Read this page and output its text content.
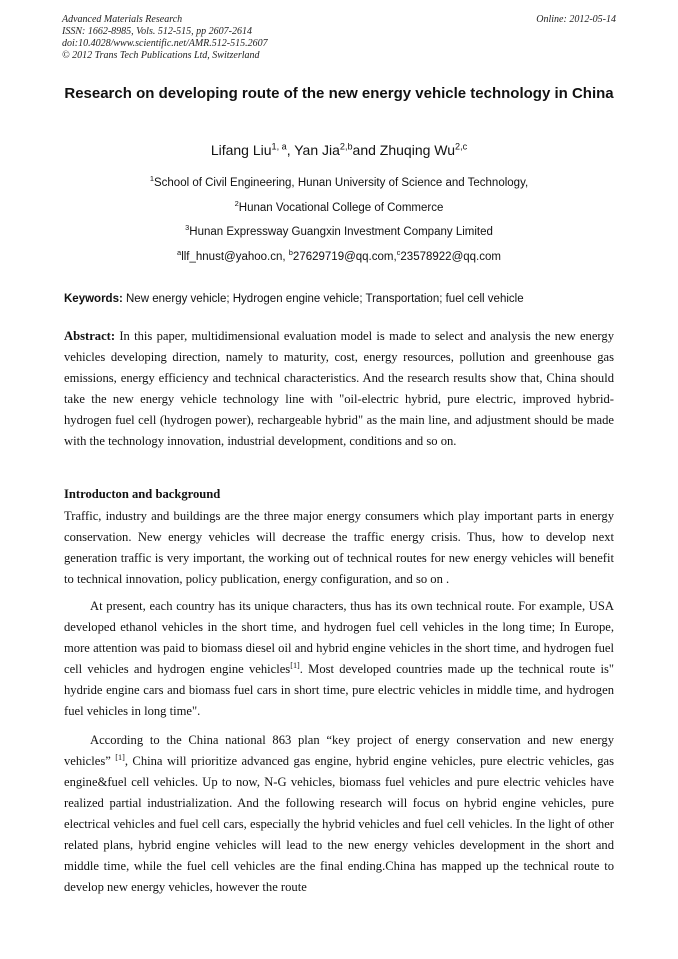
Advanced Materials Research
ISSN: 1662-8985, Vols. 512-515, pp 2607-2614
doi:10.4028/www.scientific.net/AMR.512-515.2607
© 2012 Trans Tech Publications Ltd, Switzerland
Online: 2012-05-14
Research on developing route of the new energy vehicle technology in China
Lifang Liu$^{1, a}$, Yan Jia$^{2,b}$and Zhuqing Wu$^{2,c}$
$^1$School of Civil Engineering, Hunan University of Science and Technology,
$^2$Hunan Vocational College of Commerce
$^3$Hunan Expressway Guangxin Investment Company Limited
$^a$llf_hnust@yahoo.cn, $^b$27629719@qq.com,$^c$23578922@qq.com
Keywords: New energy vehicle; Hydrogen engine vehicle; Transportation; fuel cell vehicle
Abstract: In this paper, multidimensional evaluation model is made to select and analysis the new energy vehicles developing direction, namely to maturity, cost, energy resources, pollution and greenhouse gas emissions, energy efficiency and technical characteristics. And the research results show that, China should take the new energy vehicle technology line with "oil-electric hybrid, pure electric, improved hybrid- hydrogen fuel cell (hydrogen power), rechargeable hybrid" as the main line, and adjustment should be made with the technology innovation, industrial development, conditions and so on.
Introducton and background
Traffic, industry and buildings are the three major energy consumers which play important parts in energy conservation. New energy vehicles will decrease the traffic energy crisis. Thus, how to develop next generation traffic is very important, the working out of technical routes for new energy vehicles will benefit to technical innovation, policy publication, energy configuration, and so on .
At present, each country has its unique characters, thus has its own technical route. For example, USA developed ethanol vehicles in the short time, and hydrogen fuel cell vehicles in the long time; In Europe, more attention was paid to biomass diesel oil and hybrid engine vehicles in the short time, and hydrogen fuel cell vehicles and hydrogen engine vehicles[1]. Most developed countries made up the technical route is" hydride engine cars and biomass fuel cars in short time, pure electric vehicles in middle time, and hydrogen fuel vehicles in long time".
According to the China national 863 plan “key project of energy conservation and new energy vehicles” [1], China will prioritize advanced gas engine, hybrid engine vehicles, pure electric vehicles, gas engine&fuel cell vehicles. Up to now, N-G vehicles, biomass fuel vehicles and pure electric vehicles have realized partial industrialization. And the following research will focus on hybrid engine vehicles, pure electrical vehicles and fuel cell cars, especially the hybrid vehicles and fuel cell vehicles. In the light of other related plans, hybrid engine vehicles will lead to the new energy vehicles development in the short and middle time, while the fuel cell vehicles are the final ending.China has mapped up the technical route to develop new energy vehicles, however the route
